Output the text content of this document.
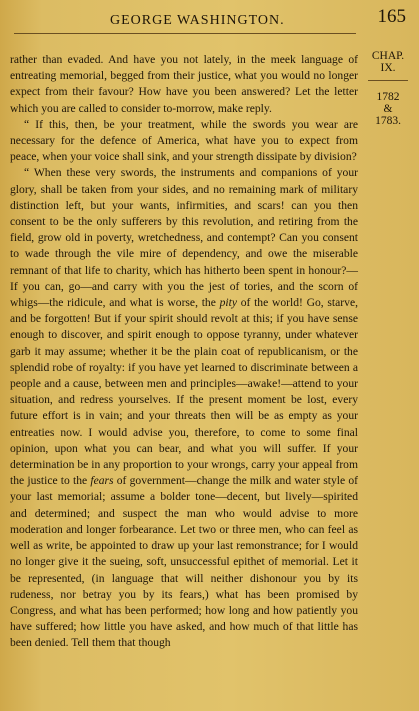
GEORGE WASHINGTON.	165
CHAP.
IX.
1782
&
1783.

rather than evaded. And have you not lately, in the meek language of entreating memorial, begged from their justice, what you would no longer expect from their favour? How have you been answered? Let the letter which you are called to consider to-morrow, make reply.

“ If this, then, be your treatment, while the swords you wear are necessary for the defence of America, what have you to expect from peace, when your voice shall sink, and your strength dissipate by division?

“ When these very swords, the instruments and companions of your glory, shall be taken from your sides, and no remaining mark of military distinction left, but your wants, infirmities, and scars! can you then consent to be the only sufferers by this revolution, and retiring from the field, grow old in poverty, wretchedness, and contempt? Can you consent to wade through the vile mire of dependency, and owe the miserable remnant of that life to charity, which has hitherto been spent in honour?—If you can, go—and carry with you the jest of tories, and the scorn of whigs—the ridicule, and what is worse, the pity of the world! Go, starve, and be forgotten! But if your spirit should revolt at this; if you have sense enough to discover, and spirit enough to oppose tyranny, under whatever garb it may assume; whether it be the plain coat of republicanism, or the splendid robe of royalty: if you have yet learned to discriminate between a people and a cause, between men and principles—awake!—attend to your situation, and redress yourselves. If the present moment be lost, every future effort is in vain; and your threats then will be as empty as your entreaties now. I would advise you, therefore, to come to some final opinion, upon what you can bear, and what you will suffer. If your determination be in any proportion to your wrongs, carry your appeal from the justice to the fears of government—change the milk and water style of your last memorial; assume a bolder tone—decent, but lively—spirited and determined; and suspect the man who would advise to more moderation and longer forbearance. Let two or three men, who can feel as well as write, be appointed to draw up your last remonstrance; for I would no longer give it the sueing, soft, unsuccessful epithet of memorial. Let it be represented, (in language that will neither dishonour you by its rudeness, nor betray you by its fears,) what has been promised by Congress, and what has been performed; how long and how patiently you have suffered; how little you have asked, and how much of that little has been denied. Tell them that though
